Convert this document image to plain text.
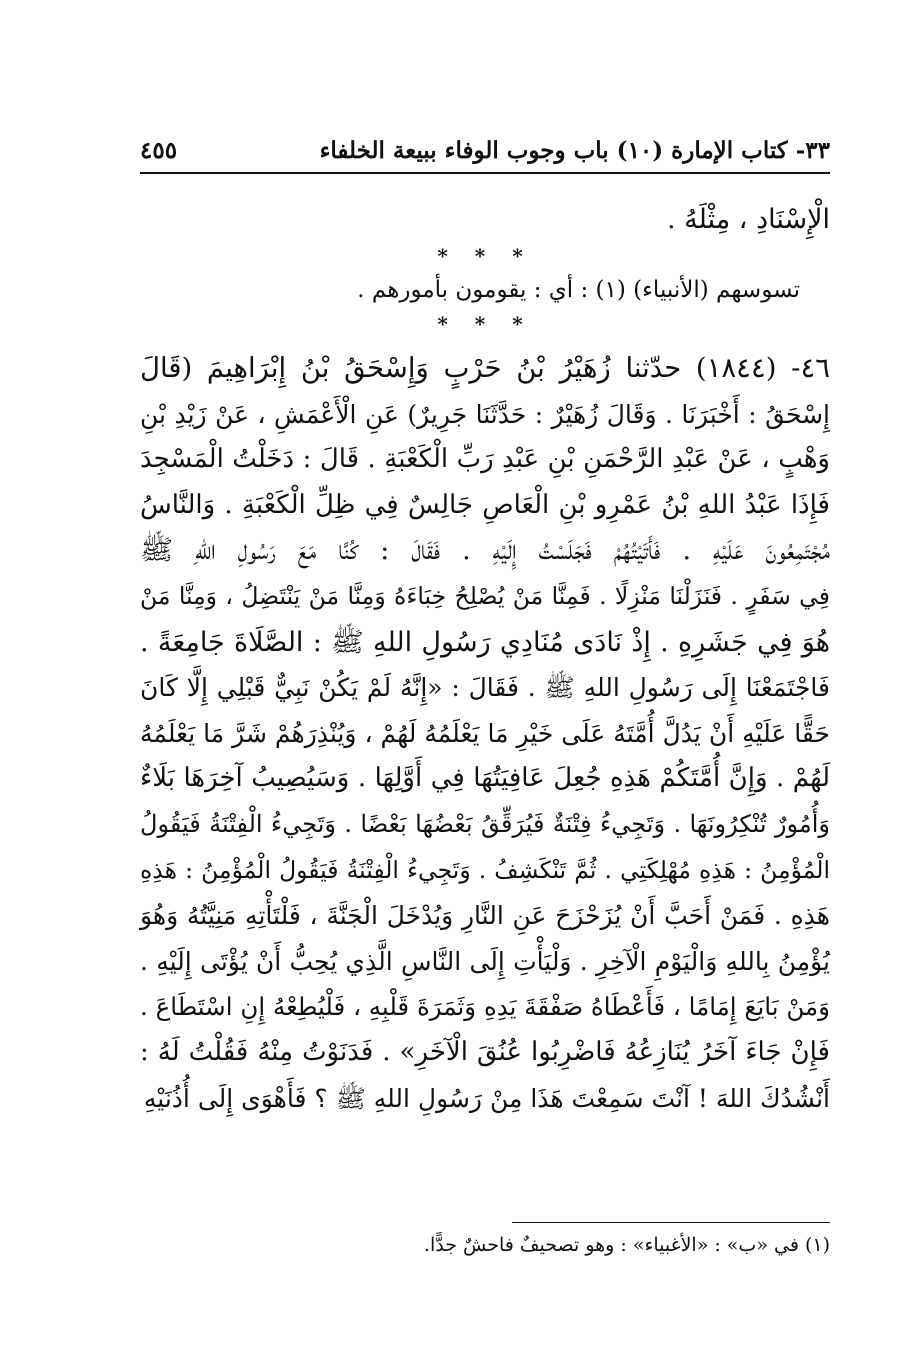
٣٣- كتاب الإمارة (١٠) باب وجوب الوفاء ببيعة الخلفاء
٤٥٥
الْإِسْنَادِ ، مِثْلَهُ .
* * *
تسوسهم (الأنبياء) (١) : أي : يقومون بأمورهم .
* * *
٤٦- (١٨٤٤) حدّثنا زُهَيْرُ بْنُ حَرْبٍ وَإِسْحَقُ بْنُ إِبْرَاهِيمَ (قَالَ
إِسْحَقُ : أَخْبَرَنَا . وَقَالَ زُهَيْرٌ : حَدَّثَنَا جَرِيرٌ) عَنِ الْأَعْمَشِ ، عَنْ زَيْدِ بْنِ
وَهْبٍ ، عَنْ عَبْدِ الرَّحْمَنِ بْنِ عَبْدِ رَبِّ الْكَعْبَةِ . قَالَ : دَخَلْتُ الْمَسْجِدَ
فَإِذَا عَبْدُ اللهِ بْنُ عَمْرِو بْنِ الْعَاصِ جَالِسٌ فِي ظِلِّ الْكَعْبَةِ . وَالنَّاسُ
مُجْتَمِعُونَ عَلَيْهِ . فَأَتَيْتُهُمْ فَجَلَسْتُ إِلَيْهِ . فَقَالَ : كُنَّا مَعَ رَسُولِ اللهِ ﷺ
فِي سَفَرٍ . فَنَزَلْنَا مَنْزِلًا . فَمِنَّا مَنْ يُصْلِحُ خِبَاءَهُ وَمِنَّا مَنْ يَنْتَضِلُ ، وَمِنَّا مَنْ
هُوَ فِي جَشَرِهِ . إِذْ نَادَى مُنَادِي رَسُولِ اللهِ ﷺ : الصَّلَاةَ جَامِعَةً .
فَاجْتَمَعْنَا إِلَى رَسُولِ اللهِ ﷺ . فَقَالَ : «إِنَّهُ لَمْ يَكُنْ نَبِيٌّ قَبْلِي إِلَّا كَانَ
حَقًّا عَلَيْهِ أَنْ يَدُلَّ أُمَّتَهُ عَلَى خَيْرِ مَا يَعْلَمُهُ لَهُمْ ، وَيُنْذِرَهُمْ شَرَّ مَا يَعْلَمُهُ
لَهُمْ . وَإِنَّ أُمَّتَكُمْ هَذِهِ جُعِلَ عَافِيَتُهَا فِي أَوَّلِهَا . وَسَيُصِيبُ آخِرَهَا بَلَاءٌ
وَأُمُورٌ تُنْكِرُونَهَا . وَتَجِيءُ فِتْنَةٌ فَيُرَقِّقُ بَعْضُهَا بَعْضًا . وَتَجِيءُ الْفِتْنَةُ فَيَقُولُ
الْمُؤْمِنُ : هَذِهِ مُهْلِكَتِي . ثُمَّ تَنْكَشِفُ . وَتَجِيءُ الْفِتْنَةُ فَيَقُولُ الْمُؤْمِنُ : هَذِهِ
هَذِهِ . فَمَنْ أَحَبَّ أَنْ يُزَحْزَحَ عَنِ النَّارِ وَيُدْخَلَ الْجَنَّةَ ، فَلْتَأْتِهِ مَنِيَّتُهُ وَهُوَ
يُؤْمِنُ بِاللهِ وَالْيَوْمِ الْآخِرِ . وَلْيَأْتِ إِلَى النَّاسِ الَّذِي يُحِبُّ أَنْ يُؤْتَى إِلَيْهِ .
وَمَنْ بَايَعَ إِمَامًا ، فَأَعْطَاهُ صَفْقَةَ يَدِهِ وَثَمَرَةَ قَلْبِهِ ، فَلْيُطِعْهُ إِنِ اسْتَطَاعَ .
فَإِنْ جَاءَ آخَرُ يُنَازِعُهُ فَاضْرِبُوا عُنُقَ الْآخَرِ» . فَدَنَوْتُ مِنْهُ فَقُلْتُ لَهُ :
أَنْشُدُكَ اللهَ ! آنْتَ سَمِعْتَ هَذَا مِنْ رَسُولِ اللهِ ﷺ ؟ فَأَهْوَى إِلَى أُذُنَيْهِ
(١) في «ب» : «الأغبياء» : وهو تصحيفٌ فاحشٌ جدًّا.
